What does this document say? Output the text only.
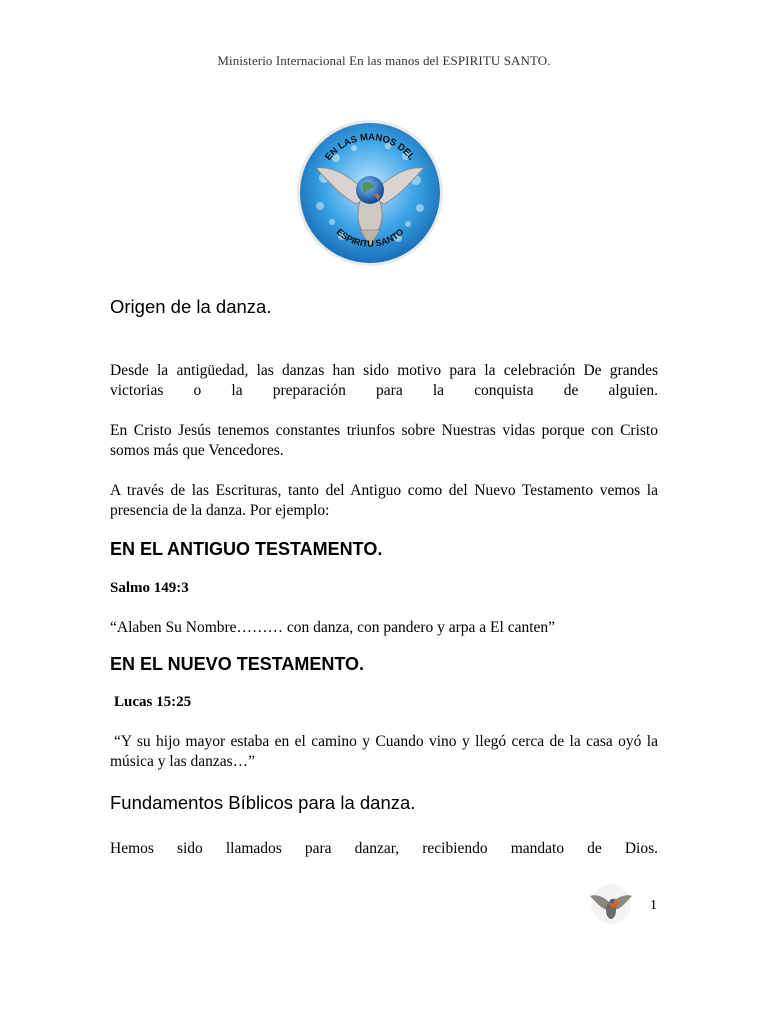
Ministerio Internacional En las manos del ESPIRITU SANTO.
EN LAS MANOS DEL
ESPIRITU SANTO
Origen de la danza.

Desde la antigüedad, las danzas han sido motivo para la celebración De grandes victorias o la preparación para la conquista de alguien.

En Cristo Jesús tenemos constantes triunfos sobre Nuestras vidas porque con Cristo somos más que Vencedores.

A través de las Escrituras, tanto del Antiguo como del Nuevo Testamento vemos la presencia de la danza. Por ejemplo:

EN EL ANTIGUO TESTAMENTO.

Salmo 149:3

“Alaben Su Nombre……… con danza, con pandero y arpa a El canten”

EN EL NUEVO TESTAMENTO.

Lucas 15:25

“Y su hijo mayor estaba en el camino y Cuando vino y llegó cerca de la casa oyó la música y las danzas…”

Fundamentos Bíblicos para la danza.

Hemos sido llamados para danzar, recibiendo mandato de Dios.

1
